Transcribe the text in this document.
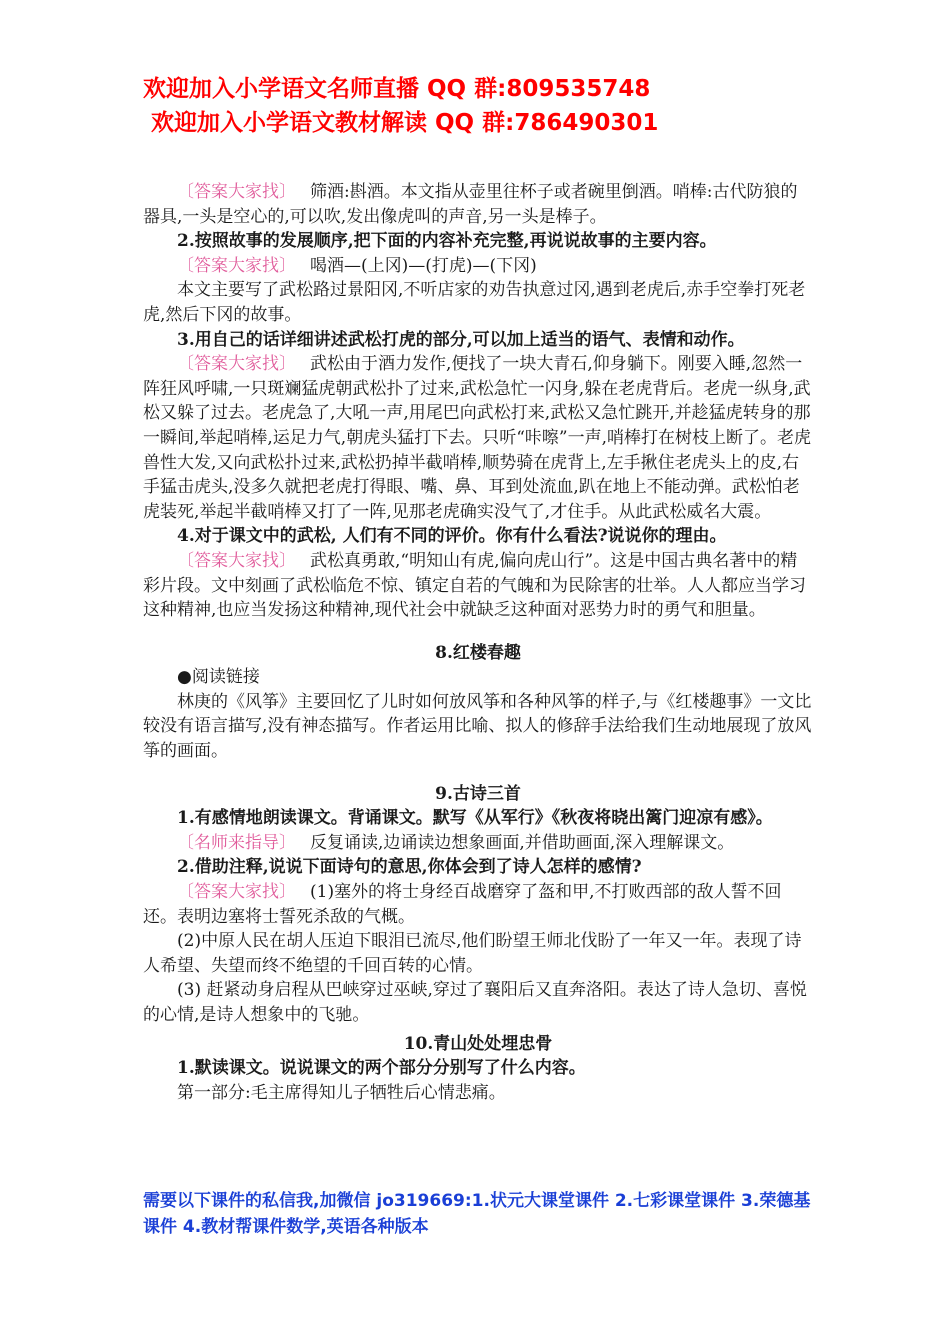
欢迎加入小学语文名师直播 QQ 群:809535748
欢迎加入小学语文教材解读 QQ 群:786490301

〔答案大家找〕 筛酒:斟酒。本文指从壶里往杯子或者碗里倒酒。哨棒:古代防狼的器具,一头是空心的,可以吹,发出像虎叫的声音,另一头是棒子。

2.按照故事的发展顺序,把下面的内容补充完整,再说说故事的主要内容。

〔答案大家找〕 喝酒—(上冈)—(打虎)—(下冈)

本文主要写了武松路过景阳冈,不听店家的劝告执意过冈,遇到老虎后,赤手空拳打死老虎,然后下冈的故事。

3.用自己的话详细讲述武松打虎的部分,可以加上适当的语气、表情和动作。

〔答案大家找〕 武松由于酒力发作,便找了一块大青石,仰身躺下。刚要入睡,忽然一阵狂风呼啸,一只斑斓猛虎朝武松扑了过来,武松急忙一闪身,躲在老虎背后。老虎一纵身,武松又躲了过去。老虎急了,大吼一声,用尾巴向武松打来,武松又急忙跳开,并趁猛虎转身的那一瞬间,举起哨棒,运足力气,朝虎头猛打下去。只听“咔嚓”一声,哨棒打在树枝上断了。老虎兽性大发,又向武松扑过来,武松扔掉半截哨棒,顺势骑在虎背上,左手揪住老虎头上的皮,右手猛击虎头,没多久就把老虎打得眼、嘴、鼻、耳到处流血,趴在地上不能动弹。武松怕老虎装死,举起半截哨棒又打了一阵,见那老虎确实没气了,才住手。从此武松威名大震。

4.对于课文中的武松, 人们有不同的评价。你有什么看法?说说你的理由。

〔答案大家找〕 武松真勇敢,“明知山有虎,偏向虎山行”。这是中国古典名著中的精彩片段。文中刻画了武松临危不惊、镇定自若的气魄和为民除害的壮举。人人都应当学习这种精神,也应当发扬这种精神,现代社会中就缺乏这种面对恶势力时的勇气和胆量。

8.红楼春趣

●阅读链接

林庚的《风筝》主要回忆了儿时如何放风筝和各种风筝的样子,与《红楼趣事》一文比较没有语言描写,没有神态描写。作者运用比喻、拟人的修辞手法给我们生动地展现了放风筝的画面。

9.古诗三首

1.有感情地朗读课文。背诵课文。默写《从军行》《秋夜将晓出篱门迎凉有感》。

〔名师来指导〕 反复诵读,边诵读边想象画面,并借助画面,深入理解课文。

2.借助注释,说说下面诗句的意思,你体会到了诗人怎样的感情?

〔答案大家找〕 (1)塞外的将士身经百战磨穿了盔和甲,不打败西部的敌人誓不回还。表明边塞将士誓死杀敌的气概。

(2)中原人民在胡人压迫下眼泪已流尽,他们盼望王师北伐盼了一年又一年。表现了诗人希望、失望而终不绝望的千回百转的心情。

(3) 赶紧动身启程从巴峡穿过巫峡,穿过了襄阳后又直奔洛阳。表达了诗人急切、喜悦的心情,是诗人想象中的飞驰。

10.青山处处埋忠骨

1.默读课文。说说课文的两个部分分别写了什么内容。

第一部分:毛主席得知儿子牺牲后心情悲痛。

需要以下课件的私信我,加微信 jo319669:1.状元大课堂课件 2.七彩课堂课件 3.荣德基课件 4.教材帮课件数学,英语各种版本
